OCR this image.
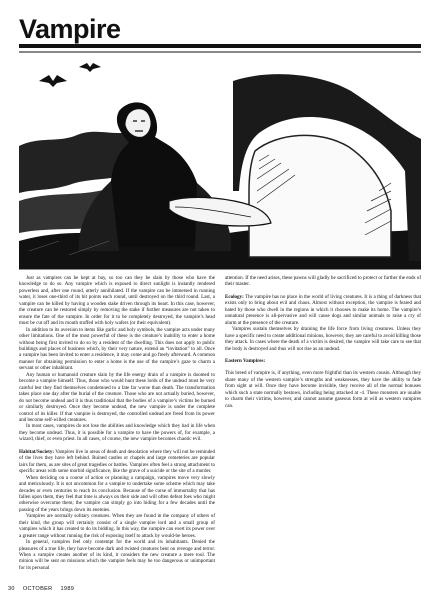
Vampire

Just as vampires can be kept at bay, so too can they be slain by those who have the knowledge to do so. Any vampire which is exposed to direct sunlight is instantly rendered powerless and, after one round, utterly annihilated. If the vampire can be immersed in running water, it loses one-third of its hit points each round, until destroyed on the third round. Last, a vampire can be killed by having a wooden stake driven through its heart. In this case, however, the creature can be restored simply by removing the stake if further measures are not taken to ensure the fate of the vampire. In order for it to be completely destroyed, the vampire’s head must be cut off and its mouth stuffed with holy wafers (or their equivalent).

In addition to its aversion to items like garlic and holy symbols, the vampire acts under many other limitations. One of the most powerful of these is the creature’s inability to enter a home without being first invited to do so by a resident of the dwelling. This does not apply to public buildings and places of business which, by their very nature, extend an “invitation” to all. Once a vampire has been invited to enter a residence, it may come and go freely afterward. A common manner for obtaining permission to enter a home is the use of the vampire’s gaze to charm a servant or other inhabitant.

Any human or humanoid creature slain by the life energy drain of a vampire is doomed to become a vampire himself. Thus, those who would hunt these lords of the undead must be very careful lest they find themselves condemned to a fate far worse than death. The transformation takes place one day after the burial of the creature. Those who are not actually buried, however, do not become undead and it is thus traditional that the bodies of a vampire’s victims be burned or similarly destroyed. Once they become undead, the new vampire is under the complete control of its killer. If that vampire is destroyed, the controlled undead are freed from its power and become self-willed creatures.

In most cases, vampires do not lose the abilities and knowledge which they had in life when they become undead. Thus, it is possible for a vampire to have the powers of, for example, a wizard, thief, or even priest. In all cases, of course, the new vampire becomes chaotic evil.

Habitat/Society: Vampires live in areas of death and desolation where they will not be reminded of the lives they have left behind. Ruined castles or chapels and large cemeteries are popular lairs for them, as are sites of great tragedies or battles. Vampires often feel a strong attachment to specific areas with some morbid significance, like the grave of a suicide or the site of a murder.

When deciding on a course of action or planning a campaign, vampires move very slowly and meticulously. It is not uncommon for a vampire to undertake some scheme which may take decades or even centuries to reach its conclusion. Because of the curse of immortality that has fallen upon them, they feel that time is always on their side and will often defeat foes who might otherwise overcome them; the vampire can simply go into hiding for a few decades until the passing of the years brings down its enemies.

Vampires are normally solitary creatures. When they are found in the company of others of their kind, the group will certainly consist of a single vampire lord and a small group of vampires which it has created to do its bidding. In this way, the vampire can exert its power over a greater range without running the risk of exposing itself to attack by would-be heroes.

In general, vampires feel only contempt for the world and its inhabitants. Denied the pleasures of a true life, they have become dark and twisted creatures bent on revenge and terror. When a vampire creates another of its kind, it considers the new creature a mere tool. The minion will be sent on missions which the vampire feels may be too dangerous or unimportant for its personal

attention. If the need arises, these pawns will gladly be sacrificed to protect or further the ends of their master.

Ecology: The vampire has no place in the world of living creatures. It is a thing of darkness that exists only to bring about evil and chaos. Almost without exception, the vampire is feared and hated by those who dwell in the regions in which it chooses to make its home. The vampire’s unnatural presence is all-pervasive and will cause dogs and similar animals to raise a cry of alarm at the presence of the creature.

Vampires sustain themselves by draining the life force from living creatures. Unless they have a specific need to create additional minions, however, they are careful to avoid killing those they attack. In cases where the death of a victim is desired, the vampire will take care to see that the body is destroyed and thus will not rise as an undead.

Eastern Vampires:

This breed of vampire is, if anything, even more frightful than its western cousin. Although they share many of the western vampire’s strengths and weaknesses, they have the ability to fade from sight at will. Once they have become invisible, they receive all of the normal bonuses which such a state normally bestows, including being attacked at -4. These monsters are unable to charm their victims, however, and cannot assume gaseous form at will as western vampires can.

30 OCTOBER 1989
